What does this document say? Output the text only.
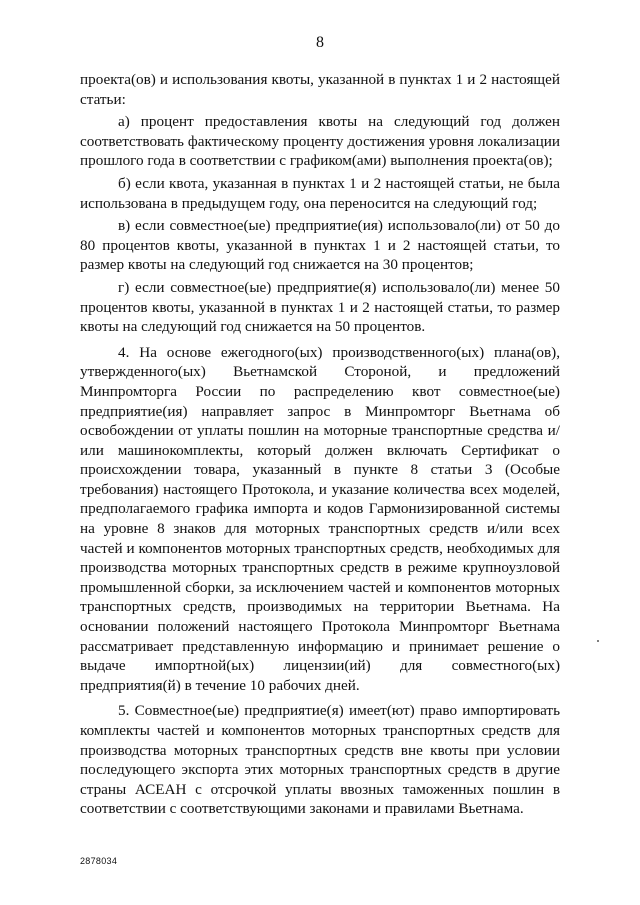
8

проекта(ов) и использования квоты, указанной в пунктах 1 и 2 настоящей статьи:

а) процент предоставления квоты на следующий год должен соответствовать фактическому проценту достижения уровня локализации прошлого года в соответствии с графиком(ами) выполнения проекта(ов);

б) если квота, указанная в пунктах 1 и 2 настоящей статьи, не была использована в предыдущем году, она переносится на следующий год;

в) если совместное(ые) предприятие(ия) использовало(ли) от 50 до 80 процентов квоты, указанной в пунктах 1 и 2 настоящей статьи, то размер квоты на следующий год снижается на 30 процентов;

г) если совместное(ые) предприятие(я) использовало(ли) менее 50 процентов квоты, указанной в пунктах 1 и 2 настоящей статьи, то размер квоты на следующий год снижается на 50 процентов.

4. На основе ежегодного(ых) производственного(ых) плана(ов), утвержденного(ых) Вьетнамской Стороной, и предложений Минпромторга России по распределению квот совместное(ые) предприятие(ия) направляет запрос в Минпромторг Вьетнама об освобождении от уплаты пошлин на моторные транспортные средства и/или машинокомплекты, который должен включать Сертификат о происхождении товара, указанный в пункте 8 статьи 3 (Особые требования) настоящего Протокола, и указание количества всех моделей, предполагаемого графика импорта и кодов Гармонизированной системы на уровне 8 знаков для моторных транспортных средств и/или всех частей и компонентов моторных транспортных средств, необходимых для производства моторных транспортных средств в режиме крупноузловой промышленной сборки, за исключением частей и компонентов моторных транспортных средств, производимых на территории Вьетнама. На основании положений настоящего Протокола Минпромторг Вьетнама рассматривает представленную информацию и принимает решение о выдаче импортной(ых) лицензии(ий) для совместного(ых) предприятия(й) в течение 10 рабочих дней.

5. Совместное(ые) предприятие(я) имеет(ют) право импортировать комплекты частей и компонентов моторных транспортных средств для производства моторных транспортных средств вне квоты при условии последующего экспорта этих моторных транспортных средств в другие страны АСЕАН с отсрочкой уплаты ввозных таможенных пошлин в соответствии с соответствующими законами и правилами Вьетнама.

2878034
